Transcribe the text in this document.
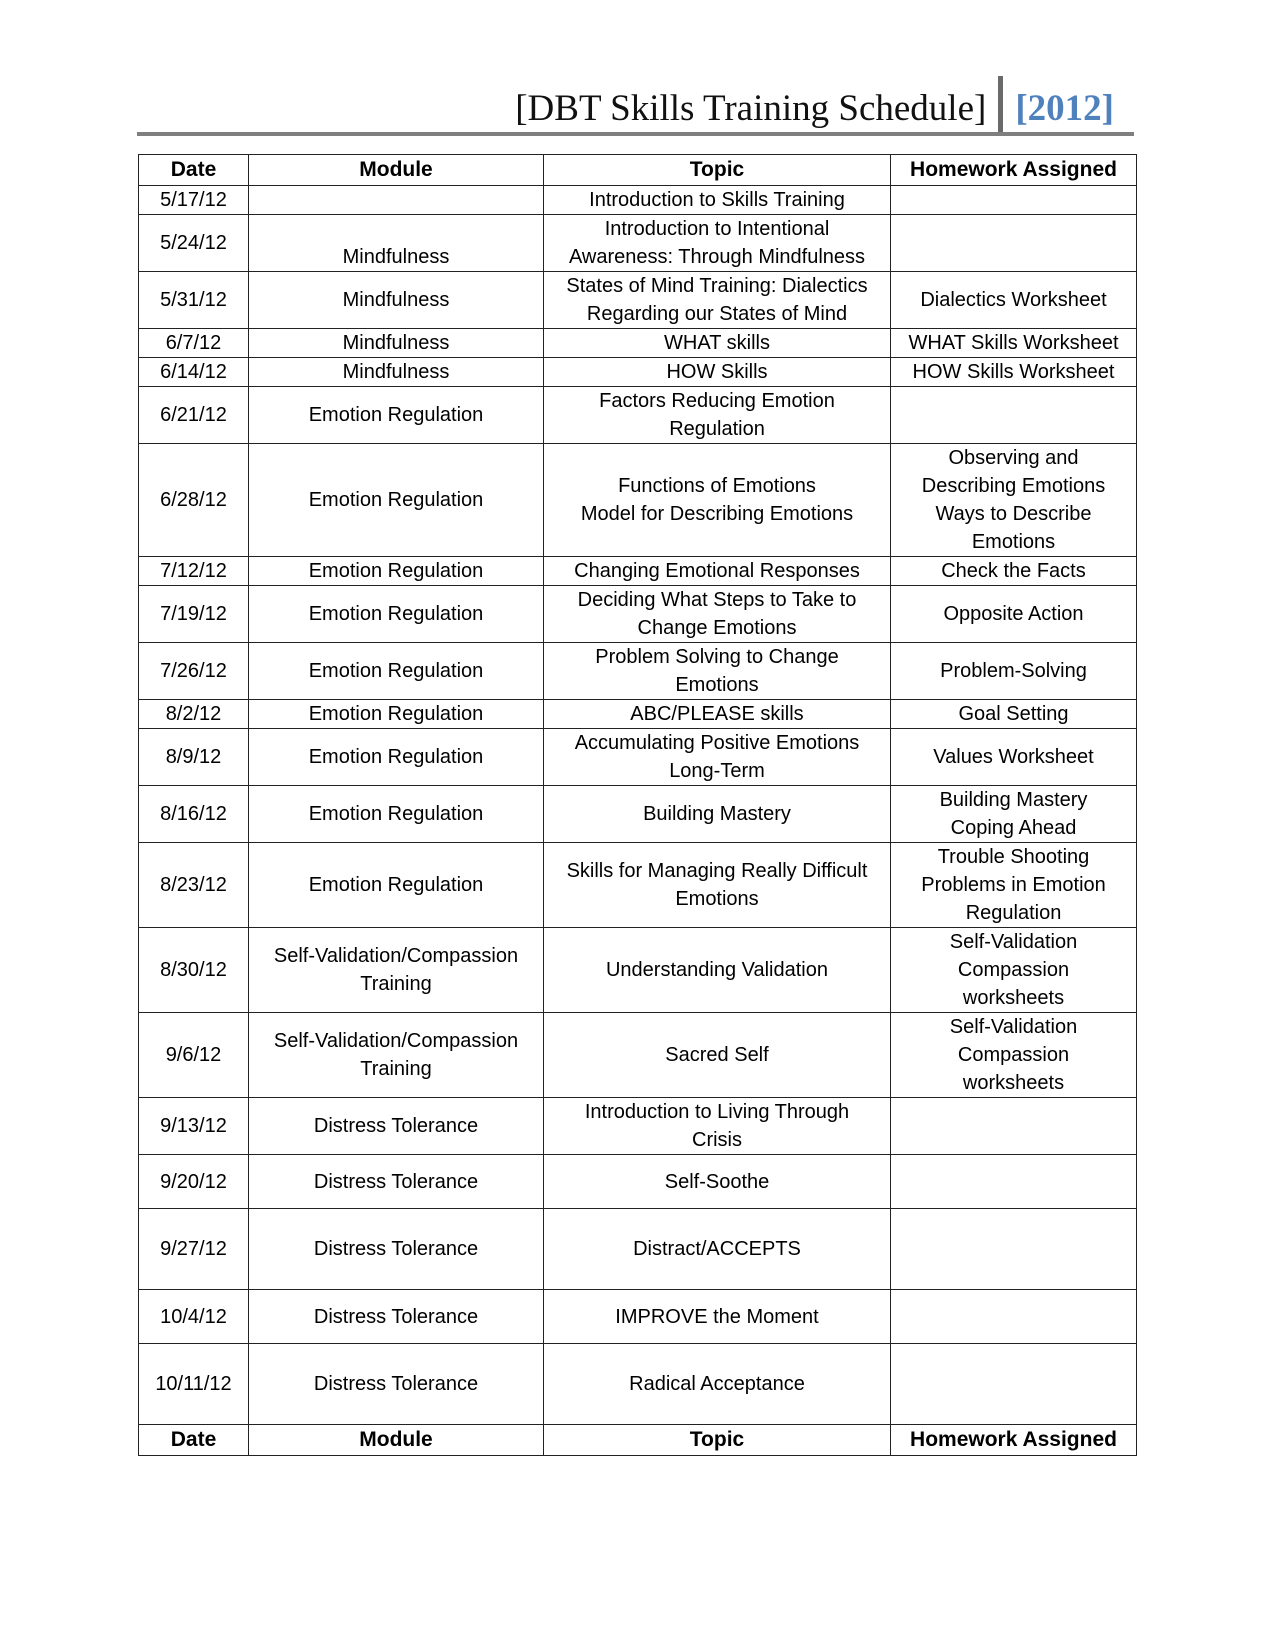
[DBT Skills Training Schedule] [2012]
Date	Module	Topic	Homework Assigned
5/17/12		Introduction to Skills Training	
5/24/12	Mindfulness	Introduction to Intentional
Awareness: Through Mindfulness	
5/31/12	Mindfulness	States of Mind Training: Dialectics
Regarding our States of Mind	Dialectics Worksheet
6/7/12	Mindfulness	WHAT skills	WHAT Skills Worksheet
6/14/12	Mindfulness	HOW Skills	HOW Skills Worksheet
6/21/12	Emotion Regulation	Factors Reducing Emotion
Regulation	
6/28/12	Emotion Regulation	Functions of Emotions
Model for Describing Emotions	Observing and
Describing Emotions
Ways to Describe
Emotions
7/12/12	Emotion Regulation	Changing Emotional Responses	Check the Facts
7/19/12	Emotion Regulation	Deciding What Steps to Take to
Change Emotions	Opposite Action
7/26/12	Emotion Regulation	Problem Solving to Change
Emotions	Problem-Solving
8/2/12	Emotion Regulation	ABC/PLEASE skills	Goal Setting
8/9/12	Emotion Regulation	Accumulating Positive Emotions
Long-Term	Values Worksheet
8/16/12	Emotion Regulation	Building Mastery	Building Mastery
Coping Ahead
8/23/12	Emotion Regulation	Skills for Managing Really Difficult
Emotions	Trouble Shooting
Problems in Emotion
Regulation
8/30/12	Self-Validation/Compassion
Training	Understanding Validation	Self-Validation
Compassion
worksheets
9/6/12	Self-Validation/Compassion
Training	Sacred Self	Self-Validation
Compassion
worksheets
9/13/12	Distress Tolerance	Introduction to Living Through
Crisis	
9/20/12	Distress Tolerance	Self-Soothe	
9/27/12	Distress Tolerance	Distract/ACCEPTS	
10/4/12	Distress Tolerance	IMPROVE the Moment	
10/11/12	Distress Tolerance	Radical Acceptance	
Date	Module	Topic	Homework Assigned
